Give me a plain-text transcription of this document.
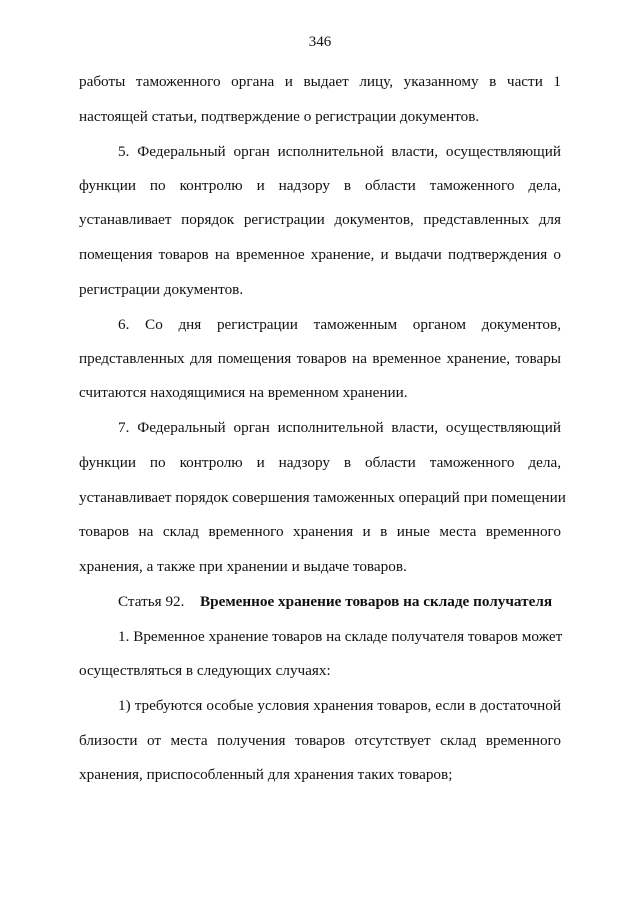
346
работы таможенного органа и выдает лицу, указанному в части 1
настоящей статьи, подтверждение о регистрации документов.
5. Федеральный орган исполнительной власти, осуществляющий
функции по контролю и надзору в области таможенного дела,
устанавливает порядок регистрации документов, представленных для
помещения товаров на временное хранение, и выдачи подтверждения о
регистрации документов.
6. Со дня регистрации таможенным органом документов,
представленных для помещения товаров на временное хранение, товары
считаются находящимися на временном хранении.
7. Федеральный орган исполнительной власти, осуществляющий
функции по контролю и надзору в области таможенного дела,
устанавливает порядок совершения таможенных операций при помещении
товаров на склад временного хранения и в иные места временного
хранения, а также при хранении и выдаче товаров.
Статья 92. Временное хранение товаров на складе получателя
1. Временное хранение товаров на складе получателя товаров может
осуществляться в следующих случаях:
1) требуются особые условия хранения товаров, если в достаточной
близости от места получения товаров отсутствует склад временного
хранения, приспособленный для хранения таких товаров;
